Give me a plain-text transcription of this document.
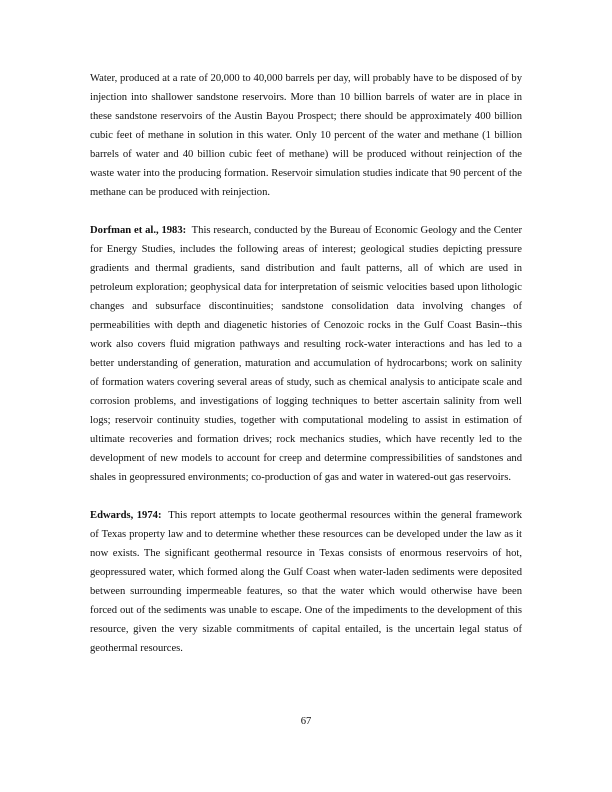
Water, produced at a rate of 20,000 to 40,000 barrels per day, will probably have to be disposed of by injection into shallower sandstone reservoirs. More than 10 billion barrels of water are in place in these sandstone reservoirs of the Austin Bayou Prospect; there should be approximately 400 billion cubic feet of methane in solution in this water. Only 10 percent of the water and methane (1 billion barrels of water and 40 billion cubic feet of methane) will be produced without reinjection of the waste water into the producing formation. Reservoir simulation studies indicate that 90 percent of the methane can be produced with reinjection.

Dorfman et al., 1983: This research, conducted by the Bureau of Economic Geology and the Center for Energy Studies, includes the following areas of interest; geological studies depicting pressure gradients and thermal gradients, sand distribution and fault patterns, all of which are used in petroleum exploration; geophysical data for interpretation of seismic velocities based upon lithologic changes and subsurface discontinuities; sandstone consolidation data involving changes of permeabilities with depth and diagenetic histories of Cenozoic rocks in the Gulf Coast Basin--this work also covers fluid migration pathways and resulting rock-water interactions and has led to a better understanding of generation, maturation and accumulation of hydrocarbons; work on salinity of formation waters covering several areas of study, such as chemical analysis to anticipate scale and corrosion problems, and investigations of logging techniques to better ascertain salinity from well logs; reservoir continuity studies, together with computational modeling to assist in estimation of ultimate recoveries and formation drives; rock mechanics studies, which have recently led to the development of new models to account for creep and determine compressibilities of sandstones and shales in geopressured environments; co-production of gas and water in watered-out gas reservoirs.

Edwards, 1974: This report attempts to locate geothermal resources within the general framework of Texas property law and to determine whether these resources can be developed under the law as it now exists. The significant geothermal resource in Texas consists of enormous reservoirs of hot, geopressured water, which formed along the Gulf Coast when water-laden sediments were deposited between surrounding impermeable features, so that the water which would otherwise have been forced out of the sediments was unable to escape. One of the impediments to the development of this resource, given the very sizable commitments of capital entailed, is the uncertain legal status of geothermal resources.

67
